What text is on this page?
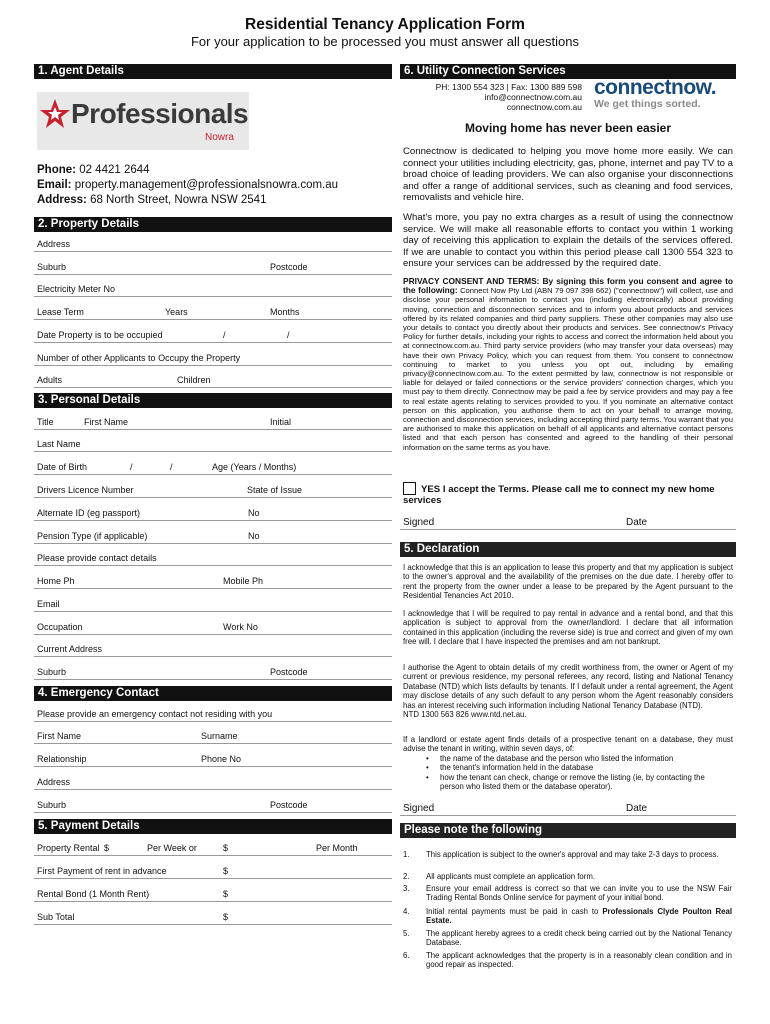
Residential Tenancy Application Form
For your application to be processed you must answer all questions
1. Agent Details
Professionals
Nowra
Phone: 02 4421 2644
Email: property.management@professionalsnowra.com.au
Address: 68 North Street, Nowra NSW 2541
2. Property Details
Address
Suburb	Postcode
Electricity Meter No
Lease Term	Years	Months
Date Property is to be occupied	/	/
Number of other Applicants to Occupy the Property
Adults	Children
3. Personal Details
Title	First Name	Initial
Last Name
Date of Birth	/	/	Age (Years / Months)
Drivers Licence Number	State of Issue
Alternate ID (eg passport)	No
Pension Type (if applicable)	No
Please provide contact details
Home Ph	Mobile Ph
Email
Occupation	Work No
Current Address
Suburb	Postcode
4. Emergency Contact
Please provide an emergency contact not residing with you
First Name	Surname
Relationship	Phone No
Address
Suburb	Postcode
5. Payment Details
Property Rental $	Per Week or	$	Per Month
First Payment of rent in advance	$
Rental Bond (1 Month Rent)	$
Sub Total	$
6. Utility Connection Services
PH: 1300 554 323 | Fax: 1300 889 598
info@connectnow.com.au
connectnow.com.au
connectnow.
We get things sorted.
Moving home has never been easier
Connectnow is dedicated to helping you move home more easily. We can connect your utilities including electricity, gas, phone, internet and pay TV to a broad choice of leading providers. We can also organise your disconnections and offer a range of additional services, such as cleaning and food services, removalists and vehicle hire.
What's more, you pay no extra charges as a result of using the connectnow service. We will make all reasonable efforts to contact you within 1 working day of receiving this application to explain the details of the services offered. If we are unable to contact you within this period please call 1300 554 323 to ensure your services can be addressed by the required date.
PRIVACY CONSENT AND TERMS: By signing this form you consent and agree to the following: Connect Now Pty Ltd (ABN 79 097 398 662) ("connectnow") will collect, use and disclose your personal information to contact you (including electronically) about providing moving, connection and disconnection services and to inform you about products and services offered by its related companies and third party suppliers. These other companies may also use your details to contact you directly about their products and services. See connectnow's Privacy Policy for further details, including your rights to access and correct the information held about you at connectnow.com.au. Third party service providers (who may transfer your data overseas) may have their own Privacy Policy, which you can request from them. You consent to connectnow continuing to market to you unless you opt out, including by emailing privacy@connectnow.com.au. To the extent permitted by law, connectnow is not responsible or liable for delayed or failed connections or the service providers' connection charges, which you must pay to them directly. Connectnow may be paid a fee by service providers and may pay a fee to real estate agents relating to services provided to you. If you nominate an alternative contact person on this application, you authorise them to act on your behalf to arrange moving, connection and disconnection services, including accepting third party terms. You warrant that you are authorised to make this application on behalf of all applicants and alternative contact persons listed and that each person has consented and agreed to the handling of their personal information on the same terms as you have.
YES I accept the Terms. Please call me to connect my new home services
Signed	Date
5. Declaration
I acknowledge that this is an application to lease this property and that my application is subject to the owner's approval and the availability of the premises on the due date. I hereby offer to rent the property from the owner under a lease to be prepared by the Agent pursuant to the Residential Tenancies Act 2010.
I acknowledge that I will be required to pay rental in advance and a rental bond, and that this application is subject to approval from the owner/landlord. I declare that all information contained in this application (including the reverse side) is true and correct and given of my own free will. I declare that I have inspected the premises and am not bankrupt.
I authorise the Agent to obtain details of my credit worthiness from, the owner or Agent of my current or previous residence, my personal referees, any record, listing and National Tenancy Database (NTD) which lists defaults by tenants. If I default under a rental agreement, the Agent may disclose details of any such default to any person whom the Agent reasonably considers has an interest receiving such information including National Tenancy Database (NTD).
NTD 1300 563 826 www.ntd.net.au.
If a landlord or estate agent finds details of a prospective tenant on a database, they must advise the tenant in writing, within seven days, of:
• the name of the database and the person who listed the information
• the tenant's information held in the database
• how the tenant can check, change or remove the listing (ie, by contacting the person who listed them or the database operator).
Signed	Date
Please note the following
1. This application is subject to the owner's approval and may take 2-3 days to process.
2. All applicants must complete an application form.
3. Ensure your email address is correct so that we can invite you to use the NSW Fair Trading Rental Bonds Online service for payment of your initial bond.
4. Initial rental payments must be paid in cash to Professionals Clyde Poulton Real Estate.
5. The applicant hereby agrees to a credit check being carried out by the National Tenancy Database.
6. The applicant acknowledges that the property is in a reasonably clean condition and in good repair as inspected.
